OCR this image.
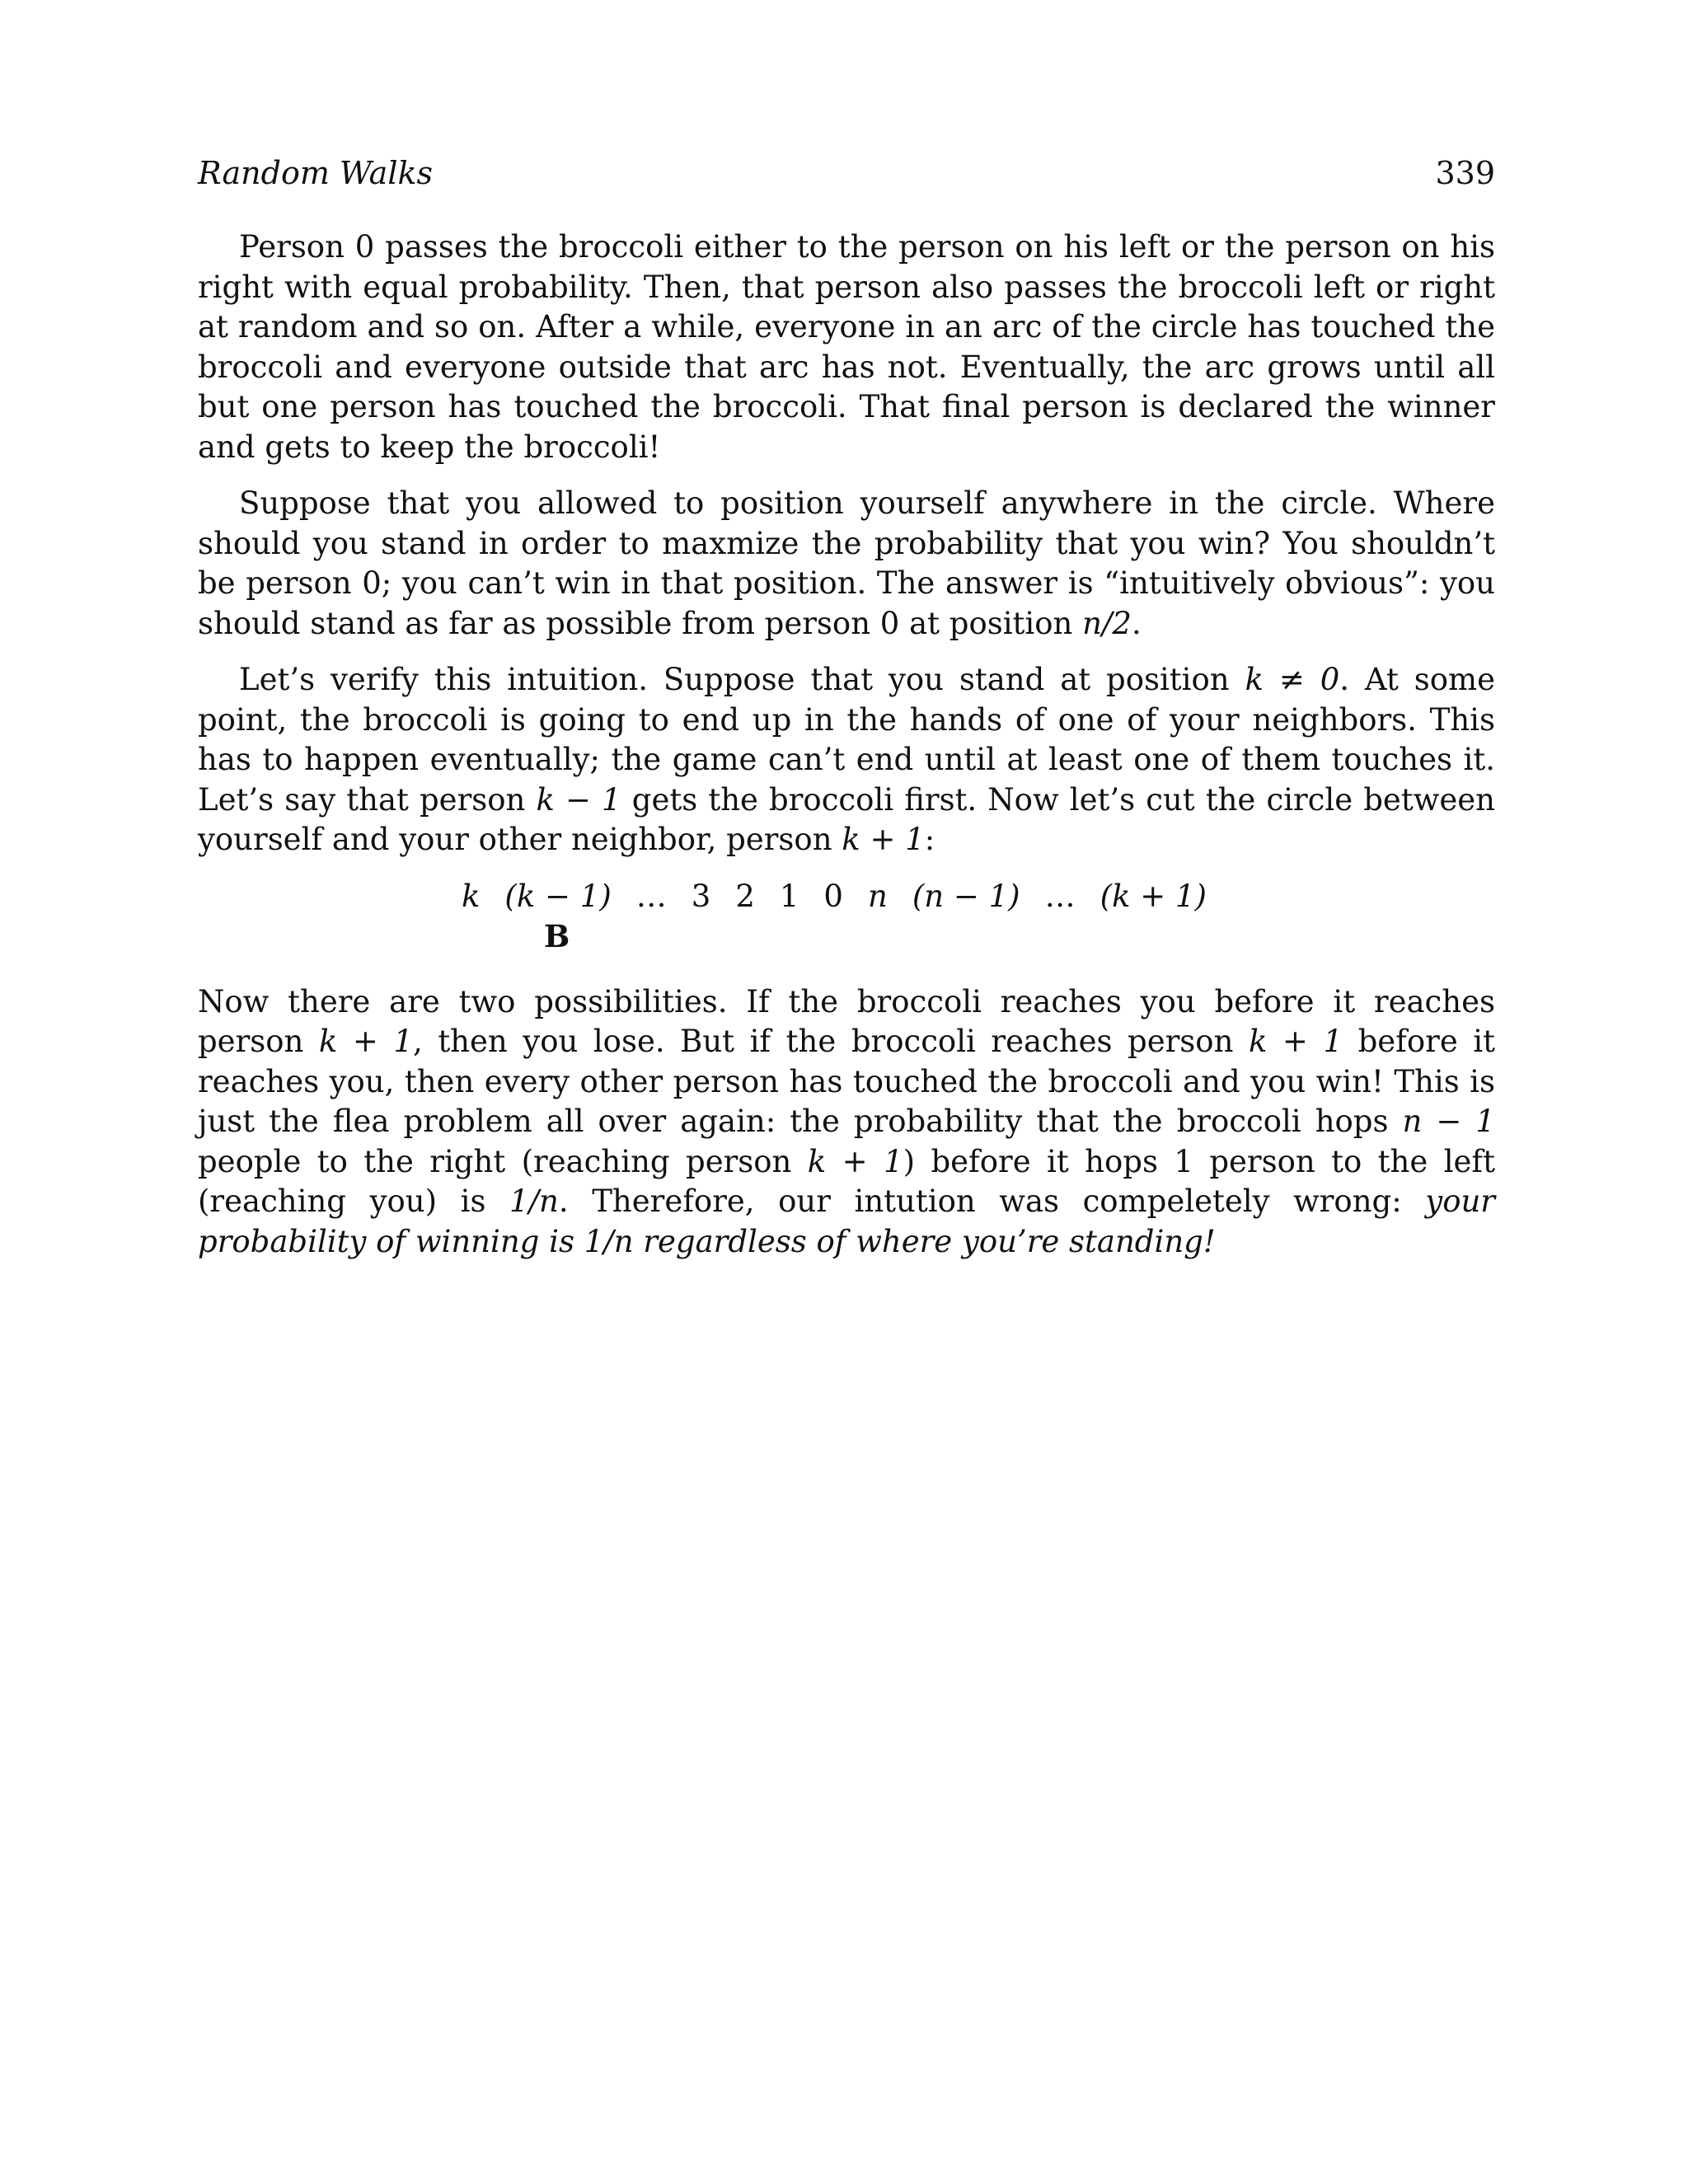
Random Walks	339

Person 0 passes the broccoli either to the person on his left or the person on his right with equal probability. Then, that person also passes the broccoli left or right at random and so on. After a while, everyone in an arc of the circle has touched the broccoli and everyone outside that arc has not. Eventually, the arc grows until all but one person has touched the broccoli. That final person is declared the winner and gets to keep the broccoli!

Suppose that you allowed to position yourself anywhere in the circle. Where should you stand in order to maxmize the probability that you win? You shouldn’t be person 0; you can’t win in that position. The answer is “intuitively obvious”: you should stand as far as possible from person 0 at position n/2.

Let’s verify this intuition. Suppose that you stand at position k ≠ 0. At some point, the broccoli is going to end up in the hands of one of your neighbors. This has to happen eventually; the game can’t end until at least one of them touches it. Let’s say that person k − 1 gets the broccoli first. Now let’s cut the circle between yourself and your other neighbor, person k + 1:

k (k − 1) … 3 2 1 0 n (n − 1) … (k + 1)
B

Now there are two possibilities. If the broccoli reaches you before it reaches person k + 1, then you lose. But if the broccoli reaches person k + 1 before it reaches you, then every other person has touched the broccoli and you win! This is just the flea problem all over again: the probability that the broccoli hops n − 1 people to the right (reaching person k + 1) before it hops 1 person to the left (reaching you) is 1/n. Therefore, our intution was compeletely wrong: your probability of winning is 1/n regardless of where you’re standing!
